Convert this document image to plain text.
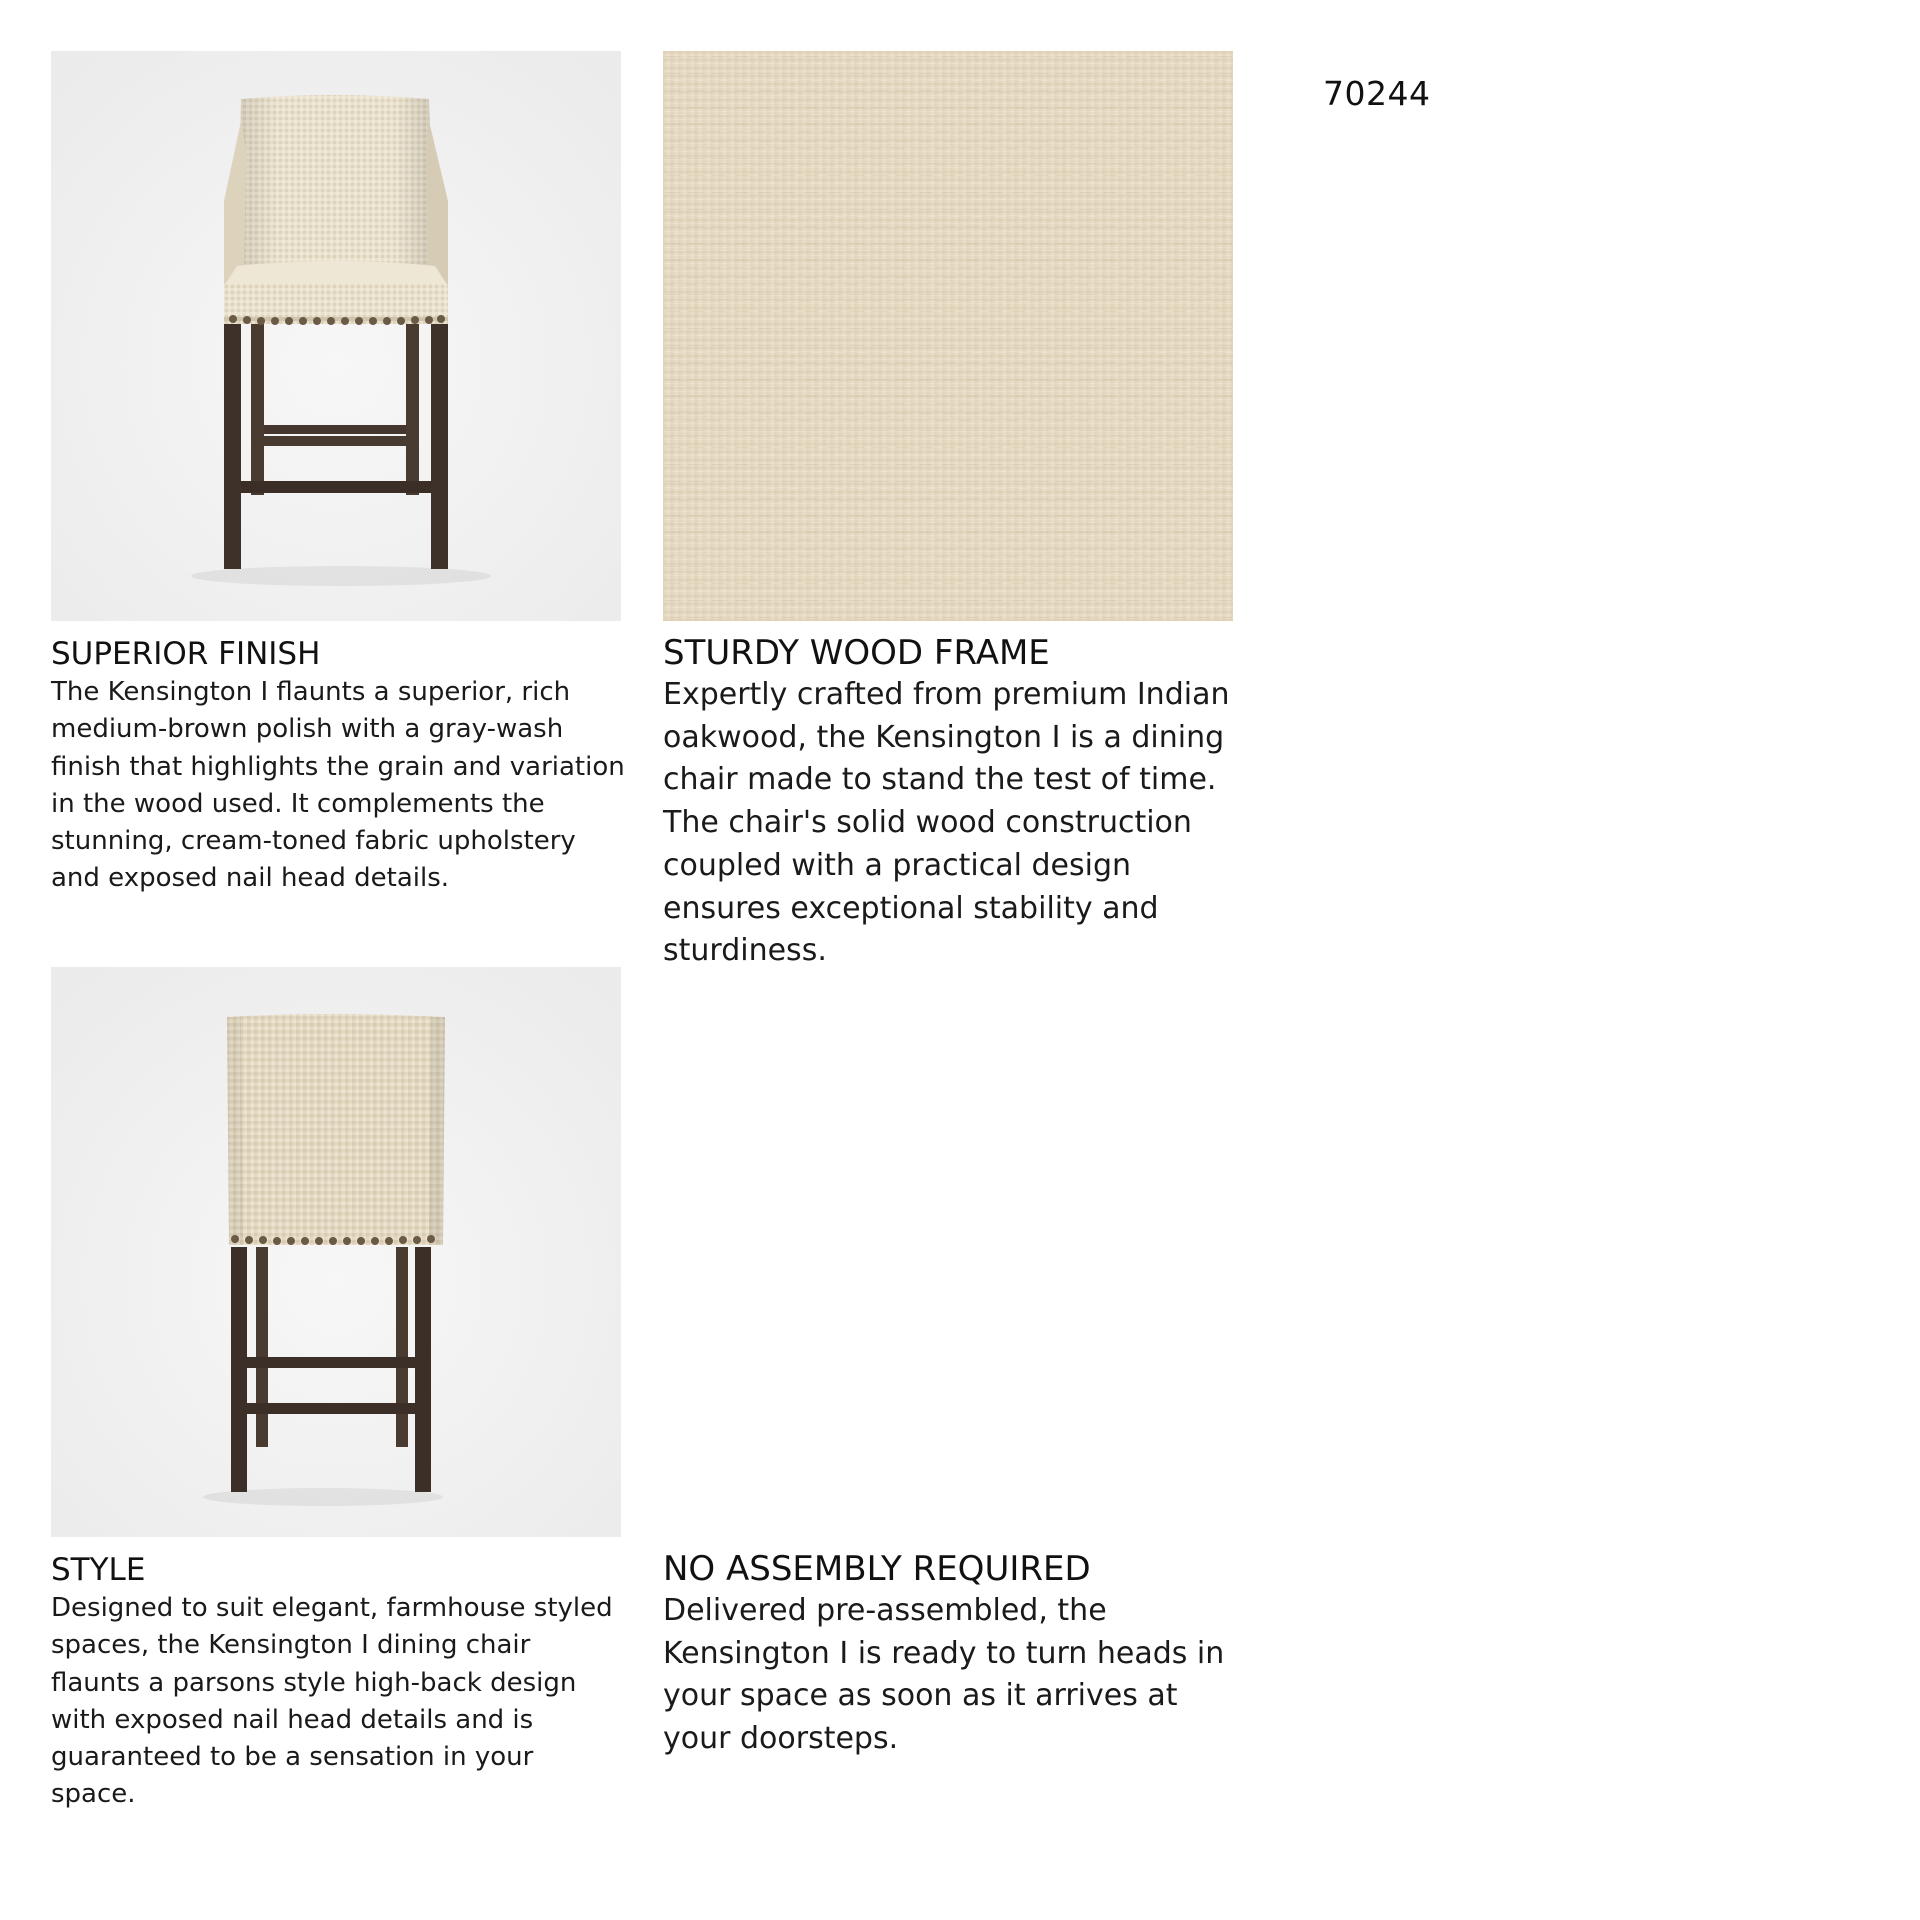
70244
SUPERIOR FINISH

The Kensington I flaunts a superior, rich medium-brown polish with a gray-wash finish that highlights the grain and variation in the wood used. It complements the stunning, cream-toned fabric upholstery and exposed nail head details.

STURDY WOOD FRAME

Expertly crafted from premium Indian oakwood, the Kensington I is a dining chair made to stand the test of time. The chair's solid wood construction coupled with a practical design ensures exceptional stability and sturdiness.

STYLE

Designed to suit elegant, farmhouse styled spaces, the Kensington I dining chair flaunts a parsons style high-back design with exposed nail head details and is guaranteed to be a sensation in your space.

NO ASSEMBLY REQUIRED

Delivered pre-assembled, the Kensington I is ready to turn heads in your space as soon as it arrives at your doorsteps.
